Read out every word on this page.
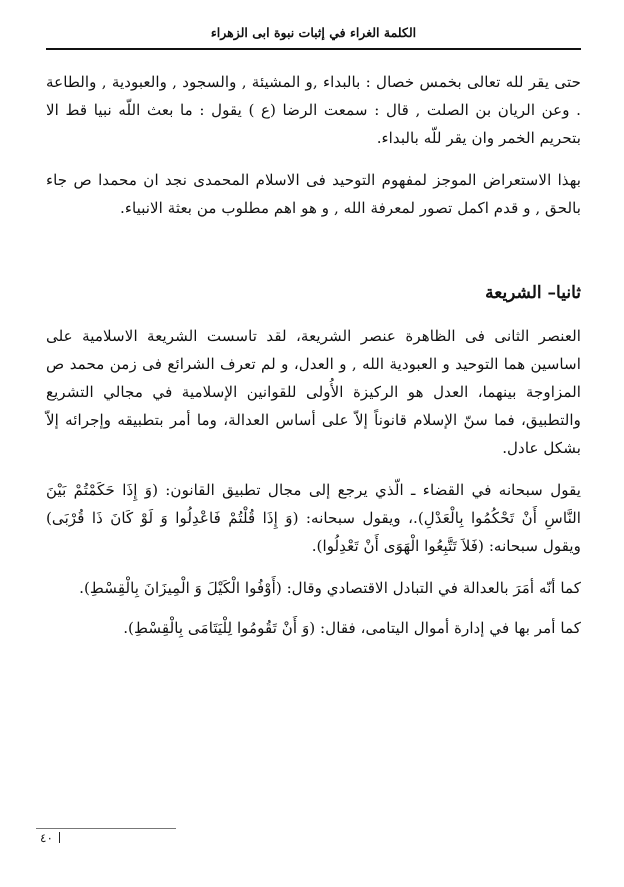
الكلمة الغراء في إثبات نبوة ابى الزهراء

حتى يقر لله تعالى بخمس خصال : بالبداء ,و المشيئة , والسجود , والعبودية , والطاعة . وعن الريان بن الصلت , قال : سمعت الرضا (ع ) يقول : ما بعث اللّه نبيا قط الا بتحريم الخمر وان يقر للّه بالبداء.

بهذا الاستعراض الموجز لمفهوم التوحيد فى الاسلام المحمدى نجد ان محمدا ص جاء بالحق , و قدم اكمل تصور لمعرفة الله , و هو اهم مطلوب من بعثة الانبياء.

ثانيا– الشريعة

العنصر الثانى فى الظاهرة عنصر الشريعة، لقد تاسست الشريعة الاسلامية على اساسين هما التوحيد و العبودية الله , و العدل، و لم تعرف الشرائع فى زمن محمد ص المزاوجة بينهما، العدل هو الركيزة الأُولى للقوانين الإسلامية في مجالي التشريع والتطبيق، فما سنّ الإسلام قانوناً إلاّ على أساس العدالة، وما أمر بتطبيقه وإجرائه إلاّ بشكل عادل.

يقول سبحانه في القضاء ـ الّذي يرجع إلى مجال تطبيق القانون: (وَ إِذَا حَكَمْتُمْ بَيْنَ النَّاسِ أَنْ تَحْكُمُوا بِالْعَدْلِ).، ويقول سبحانه: (وَ إِذَا قُلْتُمْ فَاعْدِلُوا وَ لَوْ كَانَ ذَا قُرْبَى) ويقول سبحانه: (فَلاَ تَتَّبِعُوا الْهَوَى أَنْ تَعْدِلُوا).

كما أنّه أمَرَ بالعدالة في التبادل الاقتصادي وقال: (أَوْفُوا الْكَيْلَ وَ الْمِيزَانَ بِالْقِسْطِ).

كما أمر بها في إدارة أموال اليتامى، فقال: (وَ أَنْ تَقُومُوا لِلْيَتَامَى بِالْقِسْطِ).

٤٠
